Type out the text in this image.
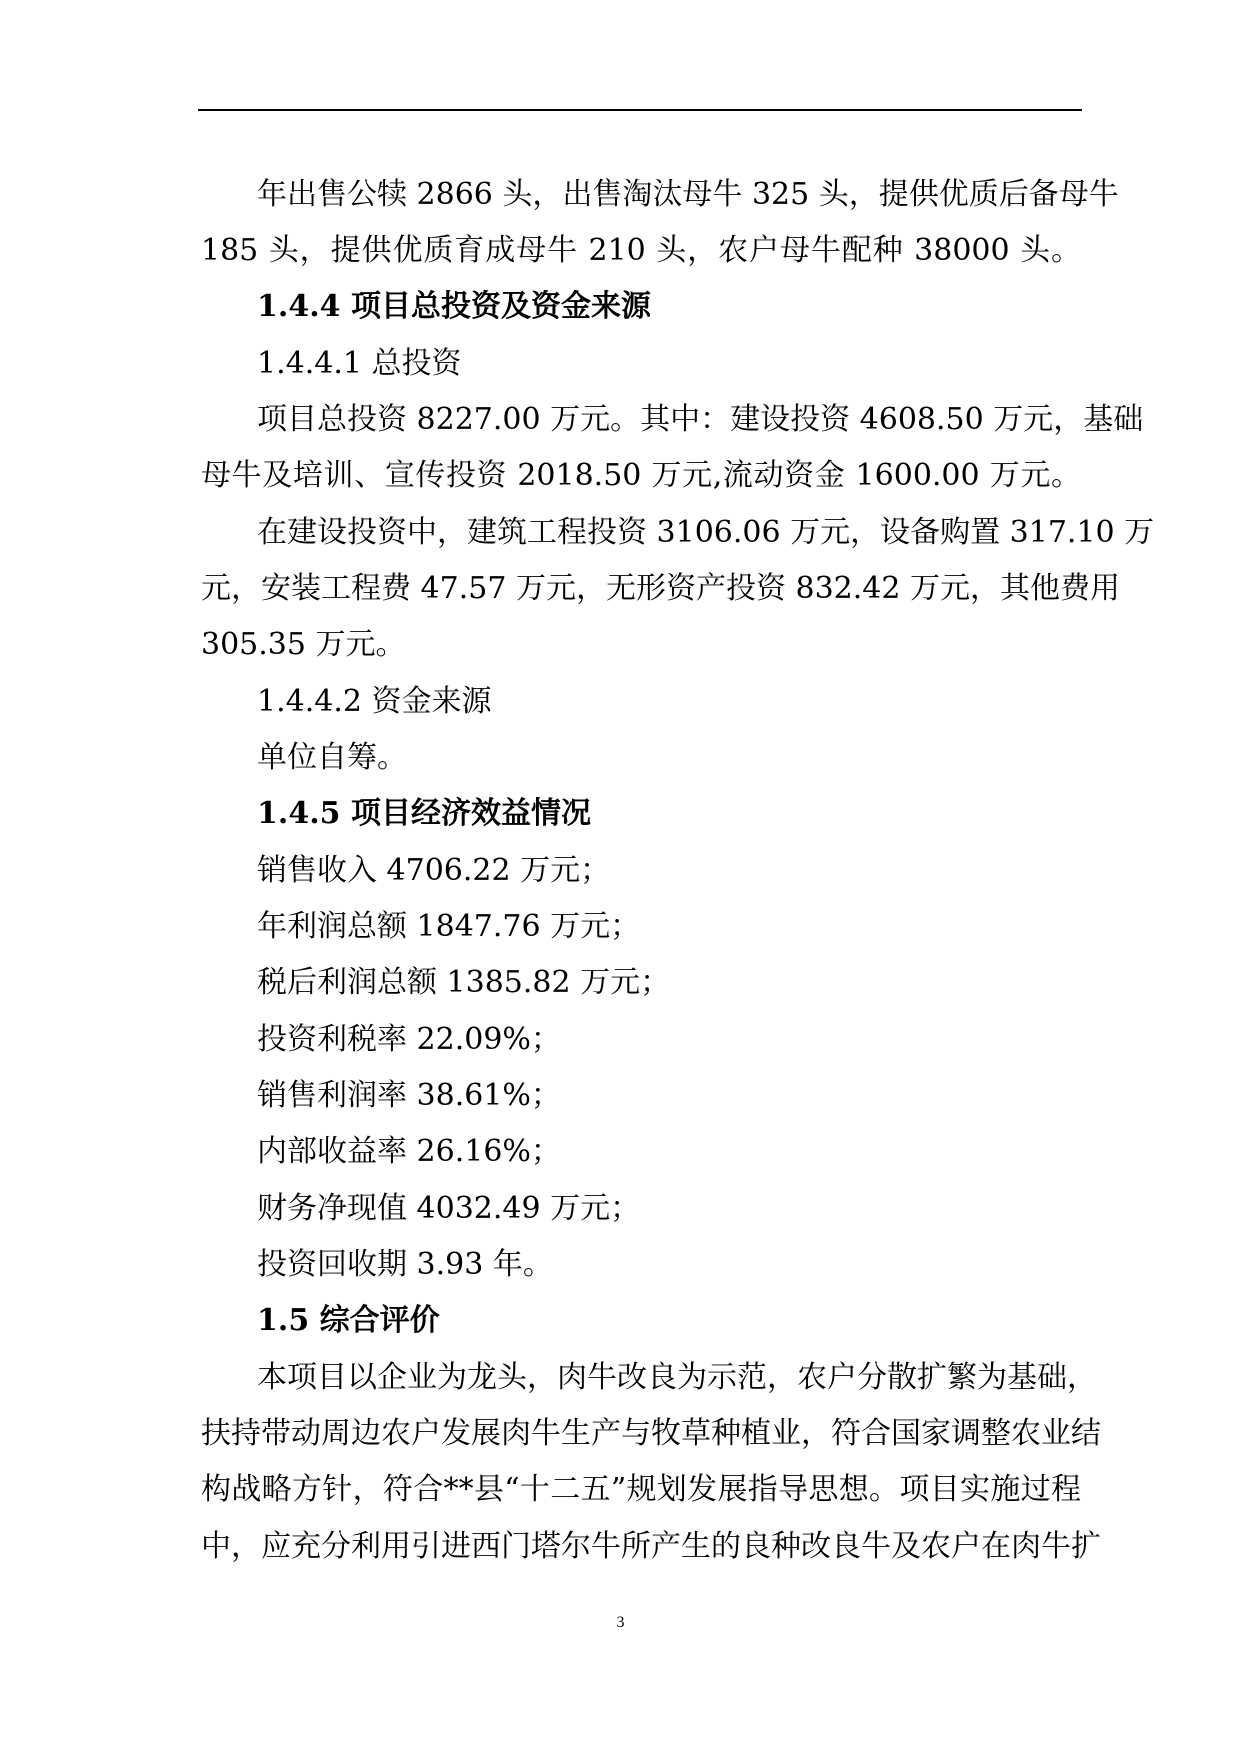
年出售公犊 2866 头，出售淘汰母牛 325 头，提供优质后备母牛
185 头，提供优质育成母牛 210 头，农户母牛配种 38000 头。
1.4.4 项目总投资及资金来源
1.4.4.1 总投资
项目总投资 8227.00 万元。其中：建设投资 4608.50 万元，基础
母牛及培训、宣传投资 2018.50 万元,流动资金 1600.00 万元。
在建设投资中，建筑工程投资 3106.06 万元，设备购置 317.10 万
元，安装工程费 47.57 万元，无形资产投资 832.42 万元，其他费用
305.35 万元。
1.4.4.2 资金来源
单位自筹。
1.4.5 项目经济效益情况
销售收入 4706.22 万元；
年利润总额 1847.76 万元；
税后利润总额 1385.82 万元；
投资利税率 22.09%；
销售利润率 38.61%；
内部收益率 26.16%；
财务净现值 4032.49 万元；
投资回收期 3.93 年。
1.5 综合评价
本项目以企业为龙头，肉牛改良为示范，农户分散扩繁为基础，
扶持带动周边农户发展肉牛生产与牧草种植业，符合国家调整农业结
构战略方针，符合**县“十二五”规划发展指导思想。项目实施过程
中，应充分利用引进西门塔尔牛所产生的良种改良牛及农户在肉牛扩
3
